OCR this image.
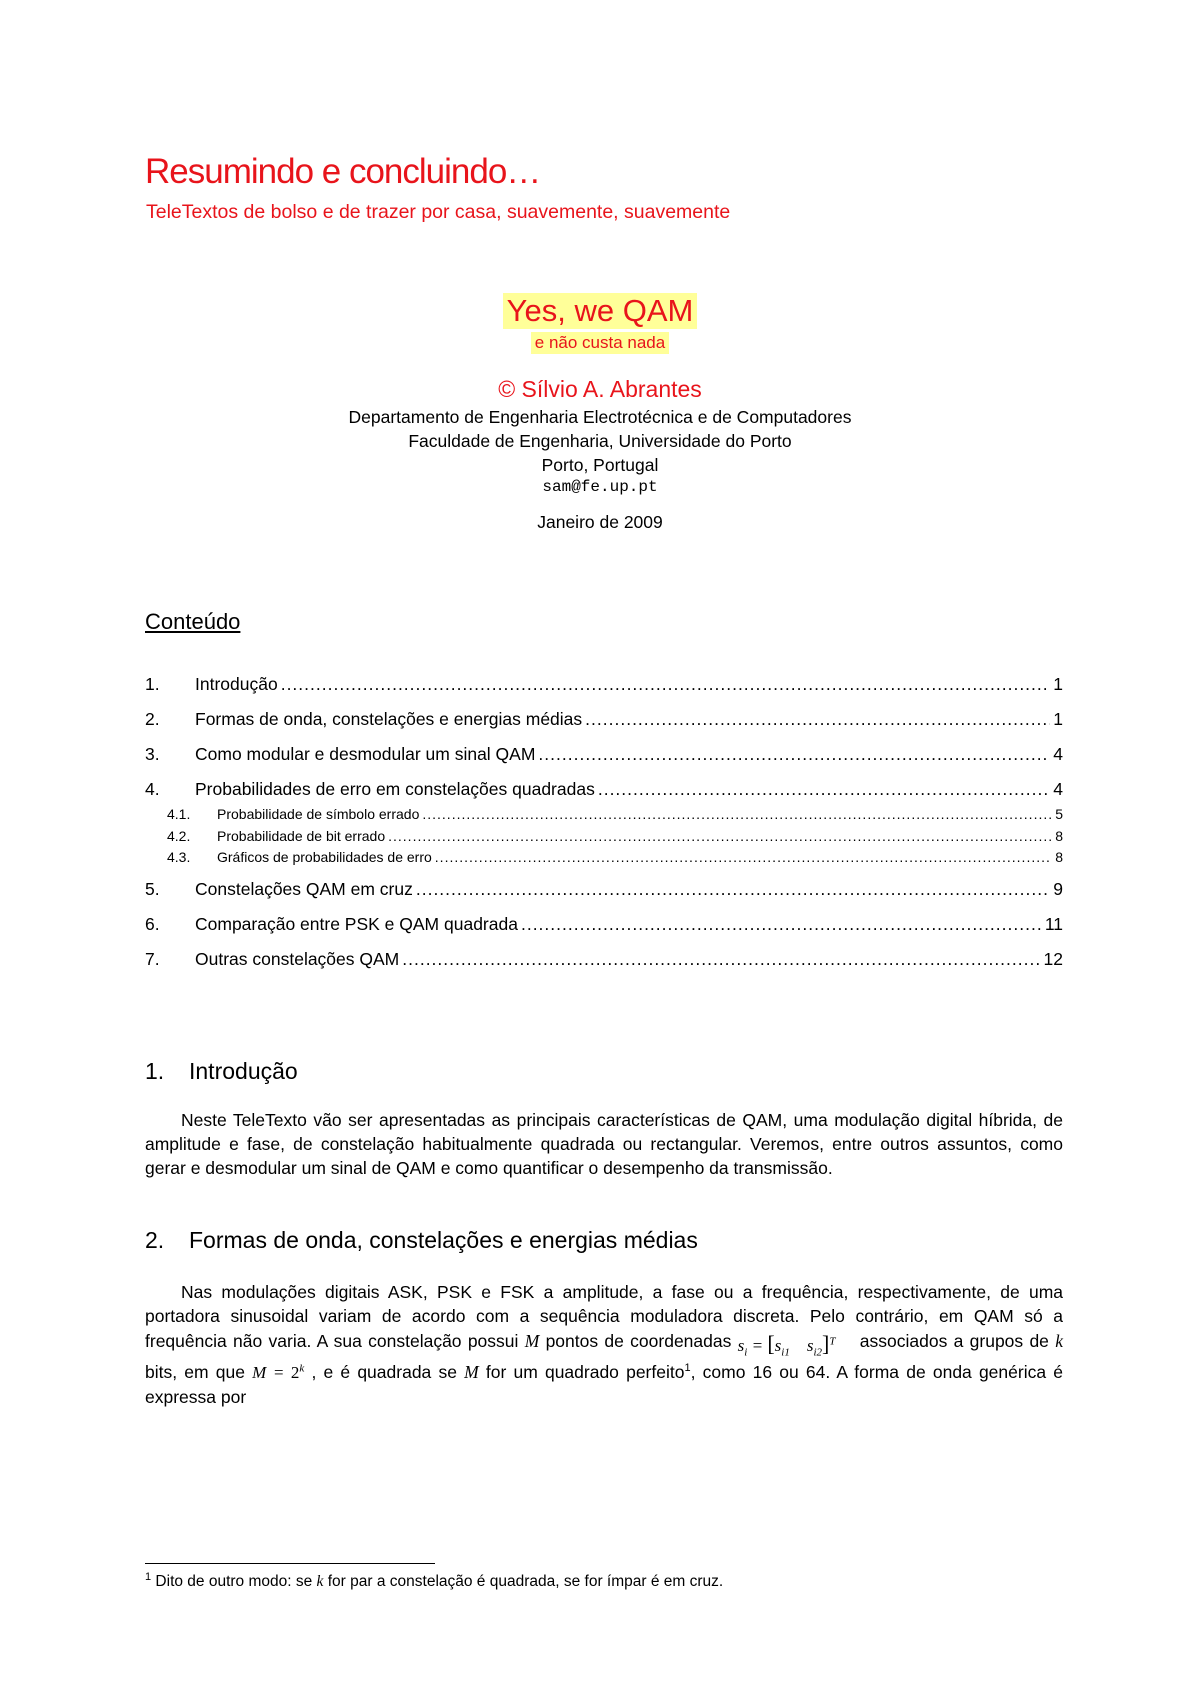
Resumindo e concluindo…
TeleTextos de bolso e de trazer por casa, suavemente, suavemente
Yes, we QAM
e não custa nada
© Sílvio A. Abrantes
Departamento de Engenharia Electrotécnica e de Computadores
Faculdade de Engenharia, Universidade do Porto
Porto, Portugal
sam@fe.up.pt
Janeiro de 2009
Conteúdo
1.	Introdução .....	1
2.	Formas de onda, constelações e energias médias .....	1
3.	Como modular e desmodular um sinal QAM .....	4
4.	Probabilidades de erro em constelações quadradas .....	4
4.1.	Probabilidade de símbolo errado .....	5
4.2.	Probabilidade de bit errado .....	8
4.3.	Gráficos de probabilidades de erro .....	8
5.	Constelações QAM em cruz .....	9
6.	Comparação entre PSK e QAM quadrada .....	11
7.	Outras constelações QAM .....	12
1. Introdução

Neste TeleTexto vão ser apresentadas as principais características de QAM, uma modulação digital híbrida, de amplitude e fase, de constelação habitualmente quadrada ou rectangular. Veremos, entre outros assuntos, como gerar e desmodular um sinal de QAM e como quantificar o desempenho da transmissão.

2. Formas de onda, constelações e energias médias

Nas modulações digitais ASK, PSK e FSK a amplitude, a fase ou a frequência, respectivamente, de uma portadora sinusoidal variam de acordo com a sequência moduladora discreta. Pelo contrário, em QAM só a frequência não varia. A sua constelação possui M pontos de coordenadas $s_i = [s_{i1}$    $s_{i2}]^T$ associados a grupos de k bits, em que $M = 2^k$ , e é quadrada se M for um quadrado perfeito$^1$, como 16 ou 64. A forma de onda genérica é expressa por

$^1$ Dito de outro modo: se k for par a constelação é quadrada, se for ímpar é em cruz.
